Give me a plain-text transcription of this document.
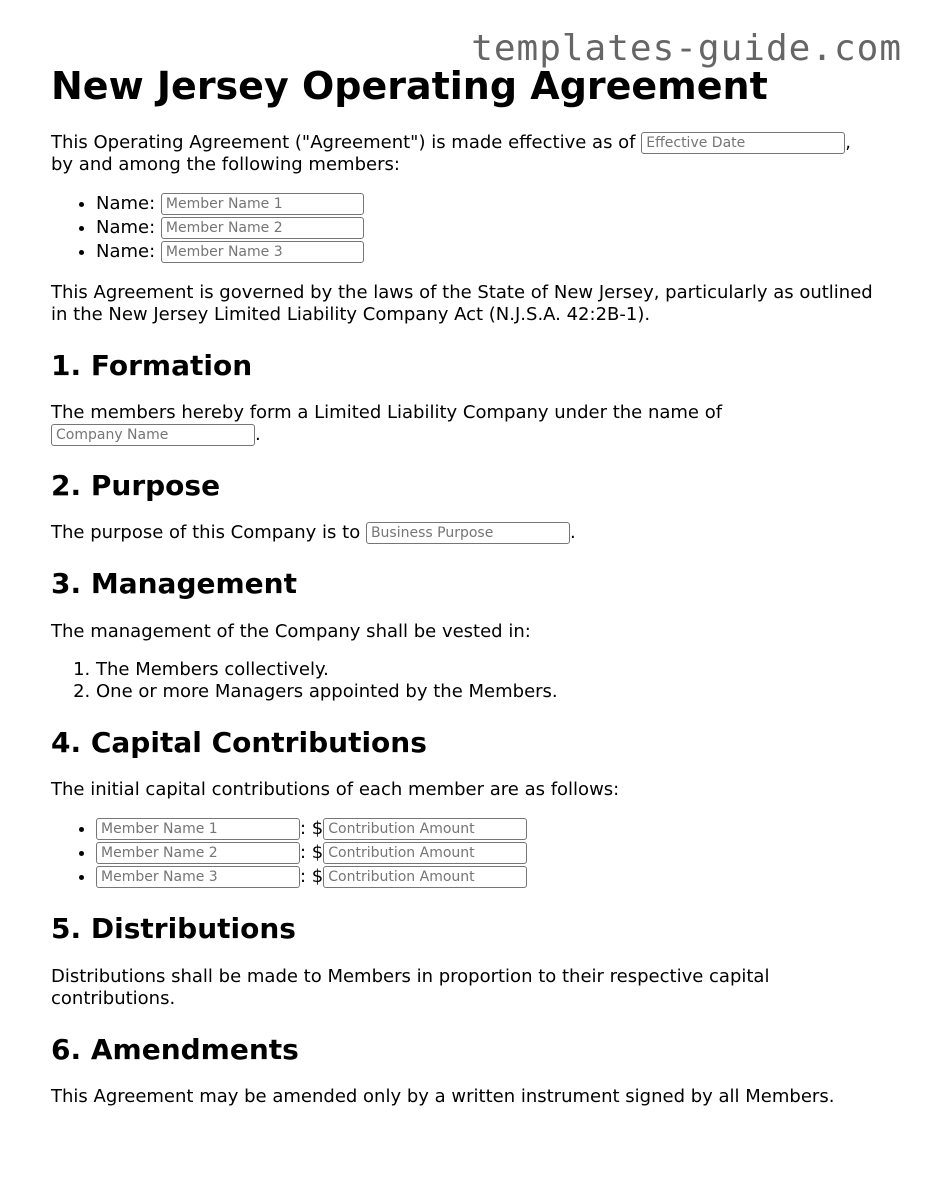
templates-guide.com
New Jersey Operating Agreement

This Operating Agreement ("Agreement") is made effective as of Effective Date	,
by and among the following members:

• Name: Member Name 1
• Name: Member Name 2
• Name: Member Name 3

This Agreement is governed by the laws of the State of New Jersey, particularly as outlined in the New Jersey Limited Liability Company Act (N.J.S.A. 42:2B-1).

1. Formation

The members hereby form a Limited Liability Company under the name of
Company Name.

2. Purpose

The purpose of this Company is to Business Purpose	.

3. Management

The management of the Company shall be vested in:

1. The Members collectively.
2. One or more Managers appointed by the Members.
4. Capital Contributions

The initial capital contributions of each member are as follows:

Member Name 1 • : $Contribution Amount
Member Name 2 • : $Contribution Amount
Member Name 3 • : $Contribution Amount
5. Distributions

Distributions shall be made to Members in proportion to their respective capital contributions.

6. Amendments

This Agreement may be amended only by a written instrument signed by all Members.
